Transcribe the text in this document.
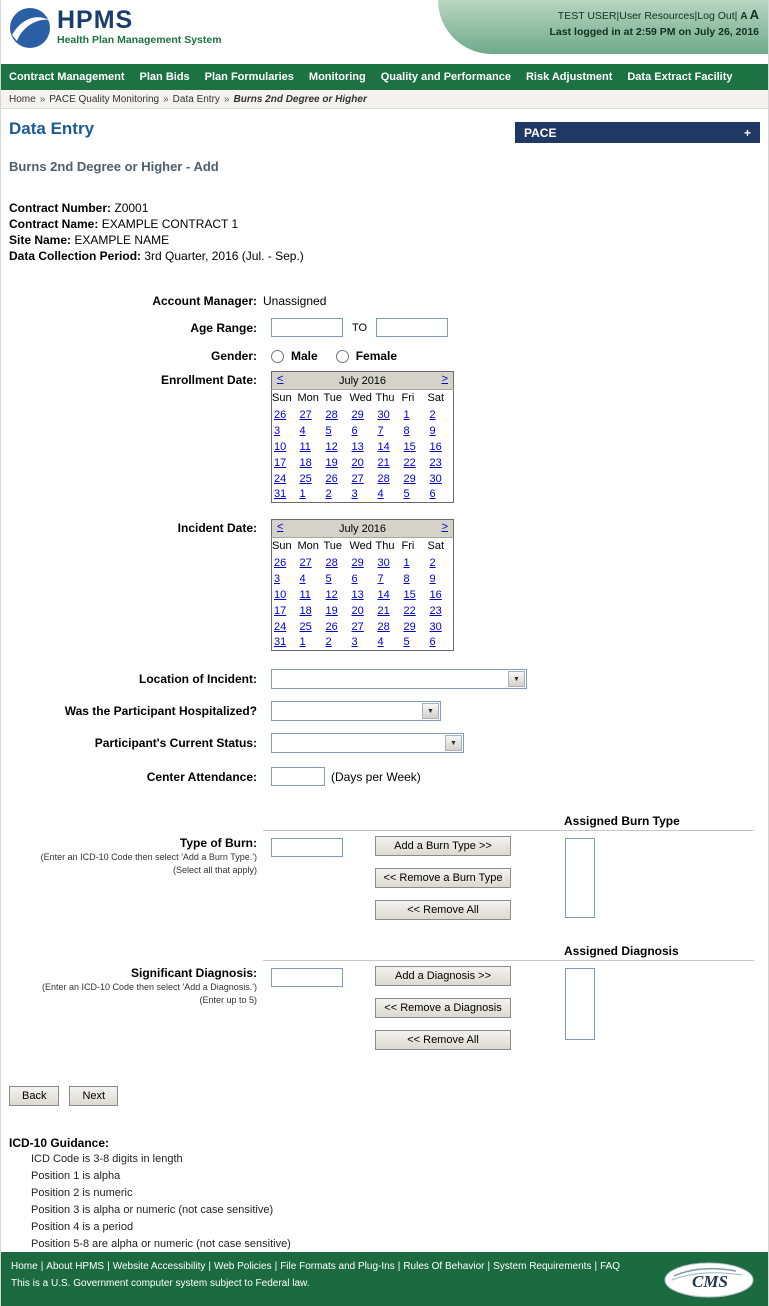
HPMS
Health Plan Management System
TEST USER|User Resources|Log Out| A A
Last logged in at 2:59 PM on July 26, 2016
Contract Management Plan Bids Plan Formularies Monitoring Quality and Performance Risk Adjustment Data Extract Facility
Home » PACE Quality Monitoring » Data Entry » Burns 2nd Degree or Higher
Data Entry	PACE	+
Burns 2nd Degree or Higher - Add
Contract Number: Z0001
Contract Name: EXAMPLE CONTRACT 1
Site Name: EXAMPLE NAME
Data Collection Period: 3rd Quarter, 2016 (Jul. - Sep.)
Account Manager: Unassigned
Age Range:	TO
Gender:	Male	Female
Enrollment Date:	< July 2016 >						

Sun	Mon	Tue	Wed	Thu	Fri	Sat
26	27	28	29	30	1	2
3	4	5	6	7	8	9
10	11	12	13	14	15	16
17	18	19	20	21	22	23
24	25	26	27	28	29	30
31	1	2	3	4	5	6
Incident Date:	< July 2016 >						

Sun	Mon	Tue	Wed	Thu	Fri	Sat
26	27	28	29	30	1	2
3	4	5	6	7	8	9
10	11	12	13	14	15	16
17	18	19	20	21	22	23
24	25	26	27	28	29	30
31	1	2	3	4	5	6
Location of Incident:	▼
Was the Participant Hospitalized?	▼
Participant's Current Status:	▼
Center Attendance:	(Days per Week)
Assigned Burn Type
Type of Burn:
(Enter an ICD-10 Code then select 'Add a Burn Type.')
(Select all that apply)
Add a Burn Type >>
<< Remove a Burn Type
<< Remove All
Assigned Diagnosis
Significant Diagnosis:
(Enter an ICD-10 Code then select 'Add a Diagnosis.')
(Enter up to 5)
Add a Diagnosis >>
<< Remove a Diagnosis
<< Remove All
Back	Next
ICD-10 Guidance:
ICD Code is 3-8 digits in length
Position 1 is alpha
Position 2 is numeric
Position 3 is alpha or numeric (not case sensitive)
Position 4 is a period
Position 5-8 are alpha or numeric (not case sensitive)
Home | About HPMS | Website Accessibility | Web Policies | File Formats and Plug-Ins | Rules Of Behavior | System Requirements | FAQ
This is a U.S. Government computer system subject to Federal law.	CMS
